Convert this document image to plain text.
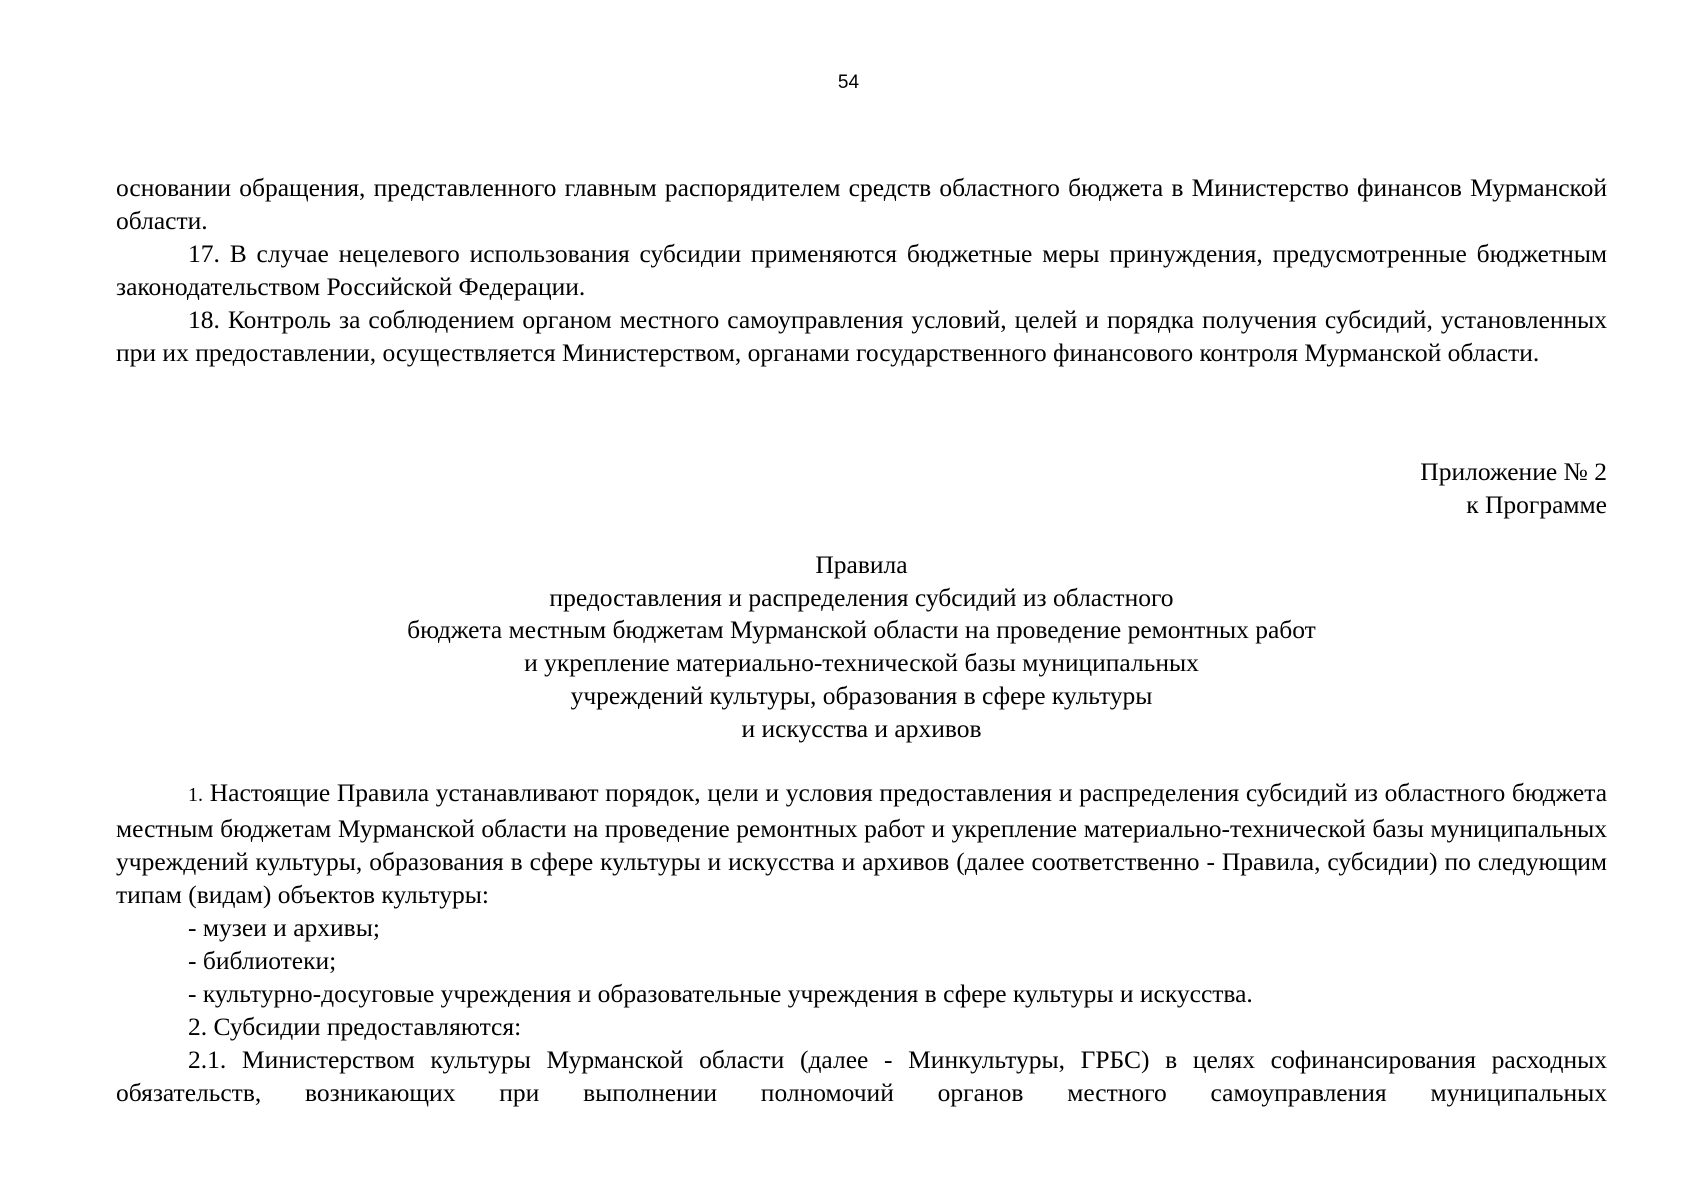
54

основании обращения, представленного главным распорядителем средств областного бюджета в Министерство финансов Мурманской области.

17. В случае нецелевого использования субсидии применяются бюджетные меры принуждения, предусмотренные бюджетным законодательством Российской Федерации.

18. Контроль за соблюдением органом местного самоуправления условий, целей и порядка получения субсидий, установленных при их предоставлении, осуществляется Министерством, органами государственного финансового контроля Мурманской области.

Приложение № 2
к Программе
Правила
предоставления и распределения субсидий из областного
бюджета местным бюджетам Мурманской области на проведение ремонтных работ
и укрепление материально-технической базы муниципальных
учреждений культуры, образования в сфере культуры
и искусства и архивов

1. Настоящие Правила устанавливают порядок, цели и условия предоставления и распределения субсидий из областного бюджета местным бюджетам Мурманской области на проведение ремонтных работ и укрепление материально-технической базы муниципальных учреждений культуры, образования в сфере культуры и искусства и архивов (далее соответственно - Правила, субсидии) по следующим типам (видам) объектов культуры:

- музеи и архивы;

- библиотеки;

- культурно-досуговые учреждения и образовательные учреждения в сфере культуры и искусства.

2. Субсидии предоставляются:

2.1. Министерством культуры Мурманской области (далее - Минкультуры, ГРБС) в целях софинансирования расходных обязательств, возникающих при выполнении полномочий органов местного самоуправления муниципальных
